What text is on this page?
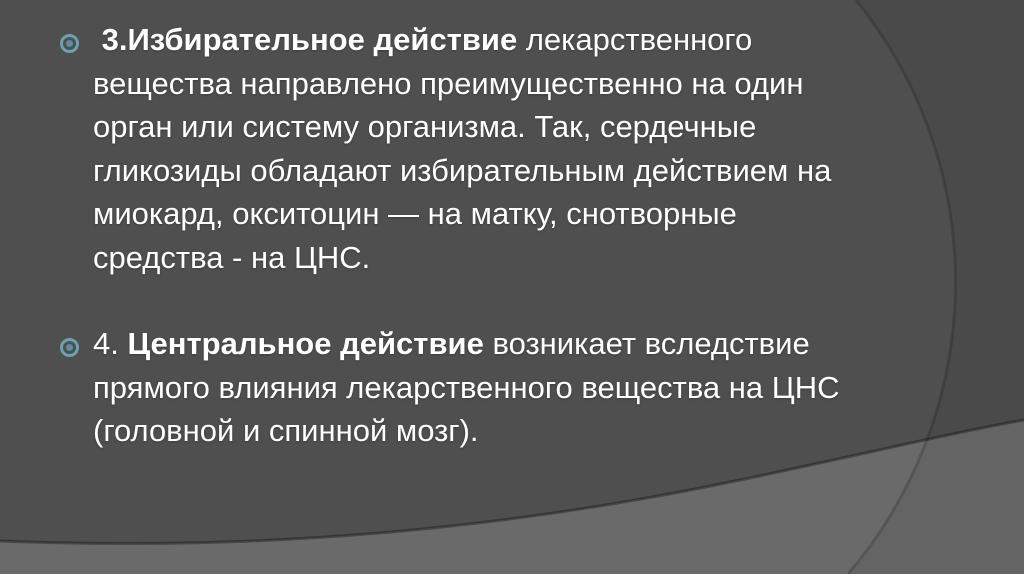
3.Избирательное действие лекарственного
вещества направлено преимущественно на один
орган или систему организма. Так, сердечные
гликозиды обладают избирательным действием на
миокард, окситоцин — на матку, снотворные
средства - на ЦНС.
4. Центральное действие возникает вследствие
прямого влияния лекарственного вещества на ЦНС
(головной и спинной мозг).
